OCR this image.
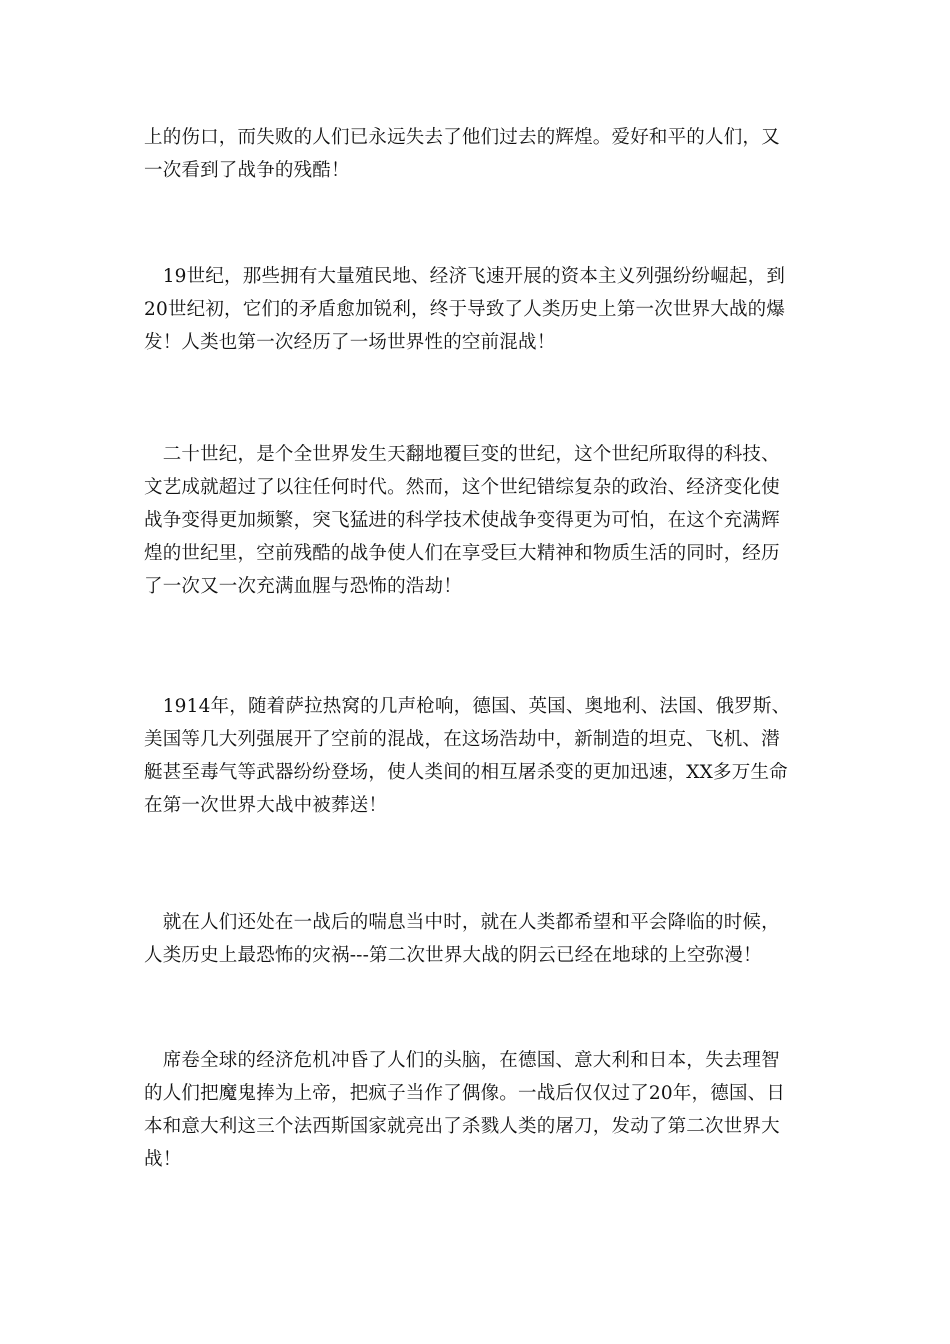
上的伤口，而失败的人们已永远失去了他们过去的辉煌。爱好和平的人们，又
一次看到了战争的残酷！
　19世纪，那些拥有大量殖民地、经济飞速开展的资本主义列强纷纷崛起，到
20世纪初，它们的矛盾愈加锐利，终于导致了人类历史上第一次世界大战的爆
发！人类也第一次经历了一场世界性的空前混战！
　二十世纪，是个全世界发生天翻地覆巨变的世纪，这个世纪所取得的科技、
文艺成就超过了以往任何时代。然而，这个世纪错综复杂的政治、经济变化使
战争变得更加频繁，突飞猛进的科学技术使战争变得更为可怕，在这个充满辉
煌的世纪里，空前残酷的战争使人们在享受巨大精神和物质生活的同时，经历
了一次又一次充满血腥与恐怖的浩劫！
　1914年，随着萨拉热窝的几声枪响，德国、英国、奥地利、法国、俄罗斯、
美国等几大列强展开了空前的混战，在这场浩劫中，新制造的坦克、飞机、潜
艇甚至毒气等武器纷纷登场，使人类间的相互屠杀变的更加迅速，XX多万生命
在第一次世界大战中被葬送！
　就在人们还处在一战后的喘息当中时，就在人类都希望和平会降临的时候，
人类历史上最恐怖的灾祸---第二次世界大战的阴云已经在地球的上空弥漫！
　席卷全球的经济危机冲昏了人们的头脑，在德国、意大利和日本，失去理智
的人们把魔鬼捧为上帝，把疯子当作了偶像。一战后仅仅过了20年，德国、日
本和意大利这三个法西斯国家就亮出了杀戮人类的屠刀，发动了第二次世界大
战！
